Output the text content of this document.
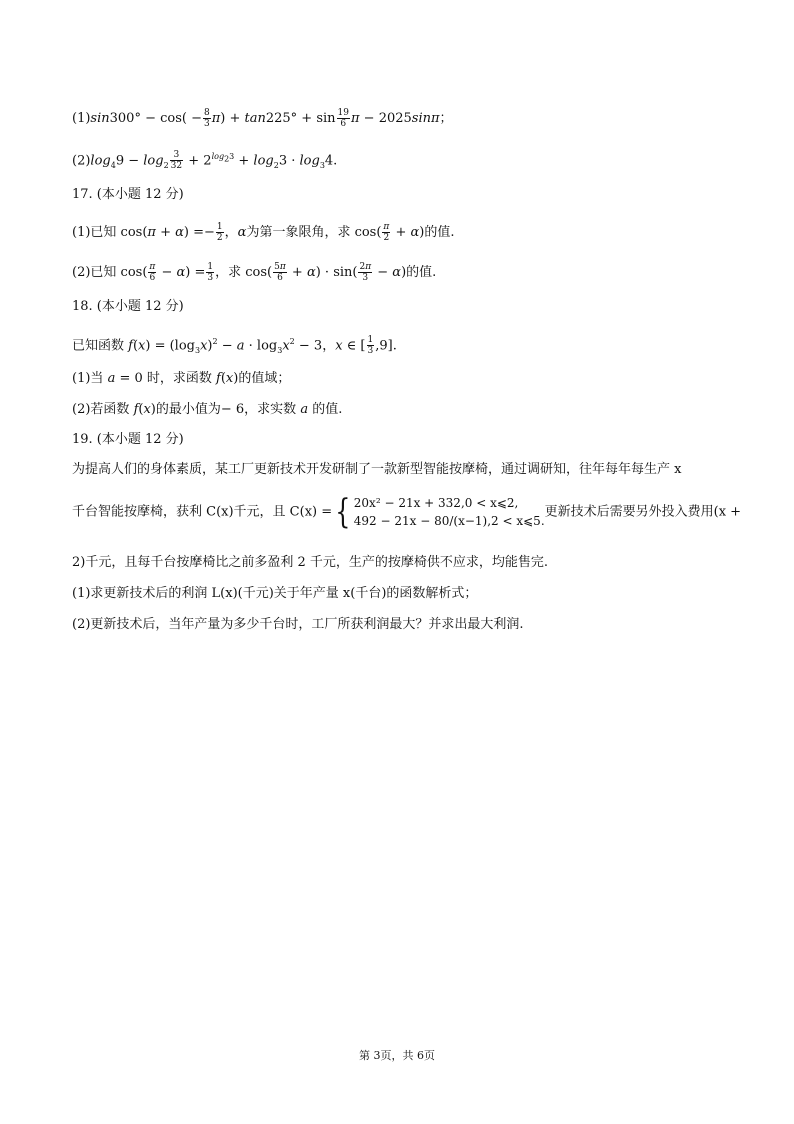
$(1)\sin 300^\circ - \cos( - \frac{8}{3} \pi) + \tan 225^\circ + \sin \frac{19}{6}$ π − 2025sinπ；
$(2)\log_49 - \log_2 \frac{3}{32} + 2^{log_23} + \log_23 \cdot \log_34$.
17. (本小题 12 分)
(1)已知 $\cos(\pi + \alpha) =- \frac{1}{2}$ ，α为第一象限角，求 $\cos( \frac{\pi}{2} + \alpha)$的值.
(2)已知 $\cos( \frac{\pi}{6} - \alpha) = \frac{1}{3}$ ，求 $\cos( \frac{5\pi}{6} + \alpha) \cdot \sin( \frac{2\pi}{3} - \alpha)$的值.
18. (本小题 12 分)
已知函数 $f(x) = (\log_3x)^2 - a \cdot \log_3x^2 - 3$，x ∈ [ $\frac{1}{3} ,9$].
(1)当 a = 0 时，求函数 f(x)的值域；
(2)若函数 f(x)的最小值为− 6，求实数 a 的值.
19. (本小题 12 分)
为提高人们的身体素质，某工厂更新技术开发研制了一款新型智能按摩椅，通过调研知，往年每年每生产 x
千台智能按摩椅，获利 C(x)千元，且 C(x) ={ 20x² − 21x + 332,0 < x⩽2,
492 − 21x − 80/(x−1),2 < x⩽5.
更新技术后需要另外投入费用(x +
2)千元，且每千台按摩椅比之前多盈利 2 千元，生产的按摩椅供不应求，均能售完.
(1)求更新技术后的利润 L(x)(千元)关于年产量 x(千台)的函数解析式；
(2)更新技术后，当年产量为多少千台时，工厂所获利润最大？并求出最大利润.
第 3页，共 6页
